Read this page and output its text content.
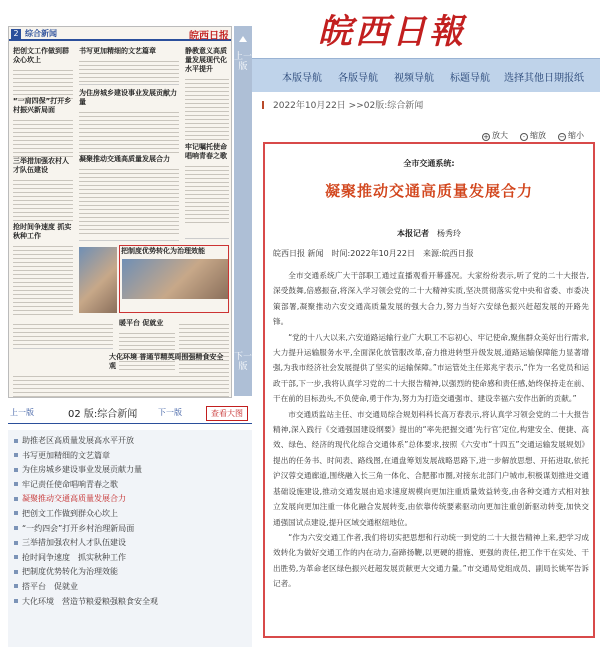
2 综合新闻	皖西日报
把创文工作做到群众心坎上
书写更加精细的文艺篇章	静教意义高质量发展现代化水平提升
“一肩四保”打开乡村振兴新局面
为住房城乡建设事业发展贡献力量
三举措加强农村人才队伍建设
凝聚推动交通高质量发展合力
牢记嘱托使命
唱响青春之歌
抢时间争速度 抓实秋种工作
把制度优势转化为治理效能
暖平台 促就业
大化环境 普通节精英周围强精食安全观
上一版
下一版
上一版	02 版:综合新闻	下一版	查看大图
助推老区高质量发展高水平开放
书写更加精细的文艺篇章
为住房城乡建设事业发展贡献力量
牢记责任使命唱响青春之歌
凝聚推动交通高质量发展合力
把创文工作做到群众心坎上
“一约四会”打开乡村治理新局面
三举措加强农村人才队伍建设
抢时间争速度　抓实秋种工作
把制度优势转化为治理效能
搭平台　促就业
大化环境　营造节粮爱粮强粮食安全观
皖西日報
本版导航 各版导航 视频导航 标题导航 选择其他日期报纸
2022年10月22日 >>02版:综合新闻
+ 放大	· 缩放 − 缩小
全市交通系统:
凝聚推动交通高质量发展合力
本报记者　 杨秀玲
皖西日报 新闻　时间:2022年10月22日　来源:皖西日报

全市交通系统广大干部职工通过直播观看开幕盛况。大家纷纷表示,听了党的二十大报告,深受鼓舞,倍感振奋,将深入学习领会党的二十大精神实质,坚决贯彻落实党中央和省委、市委决策部署,凝聚推动六安交通高质量发展的强大合力,努力当好六安绿色振兴赶超发展的开路先锋。

“党的十八大以来,六安道路运输行业广大职工不忘初心、牢记使命,聚焦群众美好出行需求,大力提升运输服务水平,全面深化放管服改革,奋力推进转型升级发展,道路运输保障能力显著增强,为我市经济社会发展提供了坚实的运输保障。”市运管处主任郑兆宇表示,“作为一名党员和运政干部,下一步,我将认真学习党的二十大报告精神,以强烈的使命感和责任感,始终保持走在前、干在前的目标劲头,不负使命,勇于作为,努力为打造交通强市、建设幸福六安作出新的贡献。”

市交通质监站主任、市交通局综合规划科科长高万春表示,将认真学习领会党的二十大报告精神,深入践行《交通强国建设纲要》提出的“率先把握交通‘先行官’定位,构建安全、便捷、高效、绿色、经济的现代化综合交通体系”总体要求,按照《六安市“十四五”交通运输发展规划》提出的任务书、时间表、路线图,在通盘筹划发展战略思路下,进一步解放思想、开拓进取,依托沪汉蓉交通廊道,围绕融入长三角一体化、合肥都市圈,对接东北部门户城市,积极谋划推进交通基础设施建设,推动交通发展由追求速度规模向更加注重质量效益转变,由各种交通方式相对独立发展向更加注重一体化融合发展转变,由依靠传统要素驱动向更加注重创新驱动转变,加快交通强国试点建设,提升区域交通枢纽地位。

“作为六安交通工作者,我们将切实把思想和行动统一到党的二十大报告精神上来,把学习成效转化为做好交通工作的内在动力,奋蹄扬鞭,以更硬的措施、更强的责任,把工作干在实处、干出胜势,为革命老区绿色振兴赶超发展贡献更大交通力量。”市交通局党组成员、副局长姚军告诉记者。
